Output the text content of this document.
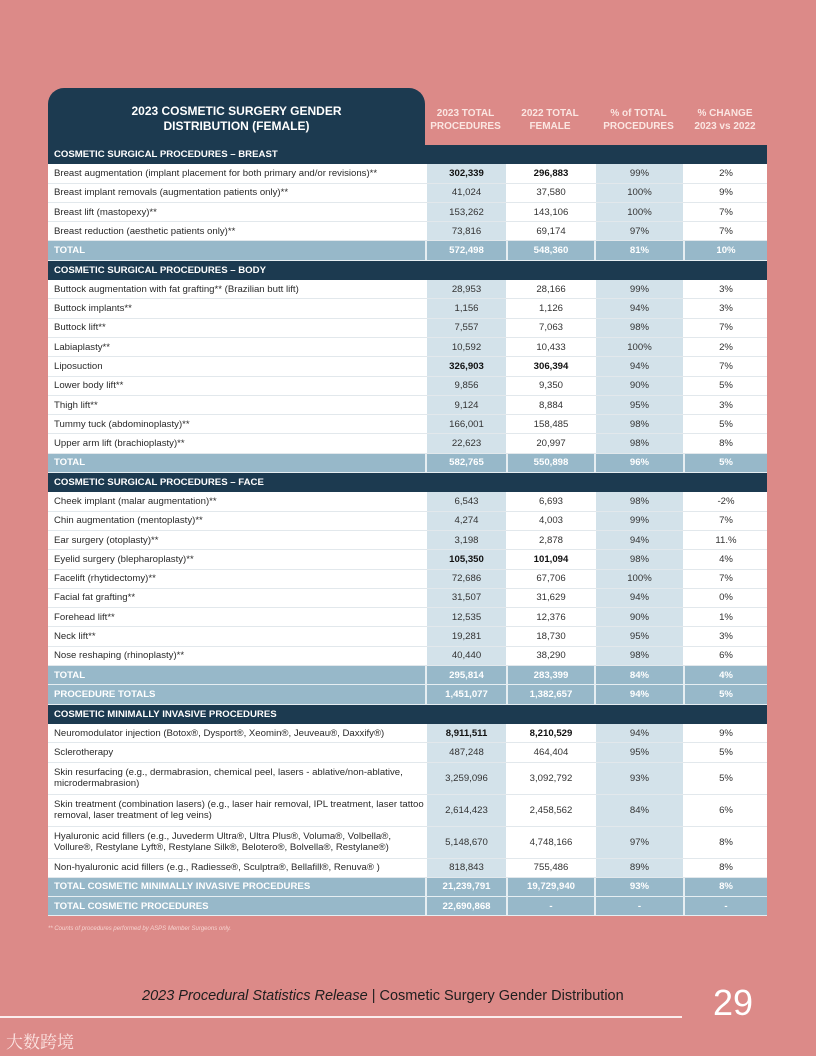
2023 COSMETIC SURGERY GENDER
DISTRIBUTION (FEMALE)
2023 TOTAL
PROCEDURES
2022 TOTAL
FEMALE
% of TOTAL
PROCEDURES
% CHANGE
2023 vs 2022
COSMETIC SURGICAL PROCEDURES – BREAST
Breast augmentation (implant placement for both primary and/or revisions)**	302,339	296,883	99%	2%
Breast implant removals (augmentation patients only)**	41,024	37,580	100%	9%
Breast lift (mastopexy)**	153,262	143,106	100%	7%
Breast reduction (aesthetic patients only)**	73,816	69,174	97%	7%
TOTAL	572,498	548,360	81%	10%
COSMETIC SURGICAL PROCEDURES – BODY
Buttock augmentation with fat grafting** (Brazilian butt lift)	28,953	28,166	99%	3%
Buttock implants**	1,156	1,126	94%	3%
Buttock lift**	7,557	7,063	98%	7%
Labiaplasty**	10,592	10,433	100%	2%
Liposuction	326,903	306,394	94%	7%
Lower body lift**	9,856	9,350	90%	5%
Thigh lift**	9,124	8,884	95%	3%
Tummy tuck (abdominoplasty)**	166,001	158,485	98%	5%
Upper arm lift (brachioplasty)**	22,623	20,997	98%	8%
TOTAL	582,765	550,898	96%	5%
COSMETIC SURGICAL PROCEDURES – FACE
Cheek implant (malar augmentation)**	6,543	6,693	98%	-2%
Chin augmentation (mentoplasty)**	4,274	4,003	99%	7%
Ear surgery (otoplasty)**	3,198	2,878	94%	11.%
Eyelid surgery (blepharoplasty)**	105,350	101,094	98%	4%
Facelift (rhytidectomy)**	72,686	67,706	100%	7%
Facial fat grafting**	31,507	31,629	94%	0%
Forehead lift**	12,535	12,376	90%	1%
Neck lift**	19,281	18,730	95%	3%
Nose reshaping (rhinoplasty)**	40,440	38,290	98%	6%
TOTAL	295,814	283,399	84%	4%
PROCEDURE TOTALS	1,451,077	1,382,657	94%	5%
COSMETIC MINIMALLY INVASIVE PROCEDURES
Neuromodulator injection (Botox®, Dysport®, Xeomin®, Jeuveau®, Daxxify®)	8,911,511	8,210,529	94%	9%
Sclerotherapy	487,248	464,404	95%	5%
Skin resurfacing (e.g., dermabrasion, chemical peel, lasers - ablative/non-ablative, microdermabrasion)	3,259,096	3,092,792	93%	5%
Skin treatment (combination lasers) (e.g., laser hair removal, IPL treatment, laser tattoo removal, laser treatment of leg veins)	2,614,423	2,458,562	84%	6%
Hyaluronic acid fillers (e.g., Juvederm Ultra®, Ultra Plus®, Voluma®, Volbella®, Vollure®, Restylane Lyft®, Restylane Silk®, Belotero®, Bolvella®, Restylane®)	5,148,670	4,748,166	97%	8%
Non-hyaluronic acid fillers (e.g., Radiesse®, Sculptra®, Bellafill®, Renuva® )	818,843	755,486	89%	8%
TOTAL COSMETIC MINIMALLY INVASIVE PROCEDURES	21,239,791	19,729,940	93%	8%
TOTAL COSMETIC PROCEDURES	22,690,868	-	-	-
** Counts of procedures performed by ASPS Member Surgeons only.
2023 Procedural Statistics Release | Cosmetic Surgery Gender Distribution 29
大数跨境
